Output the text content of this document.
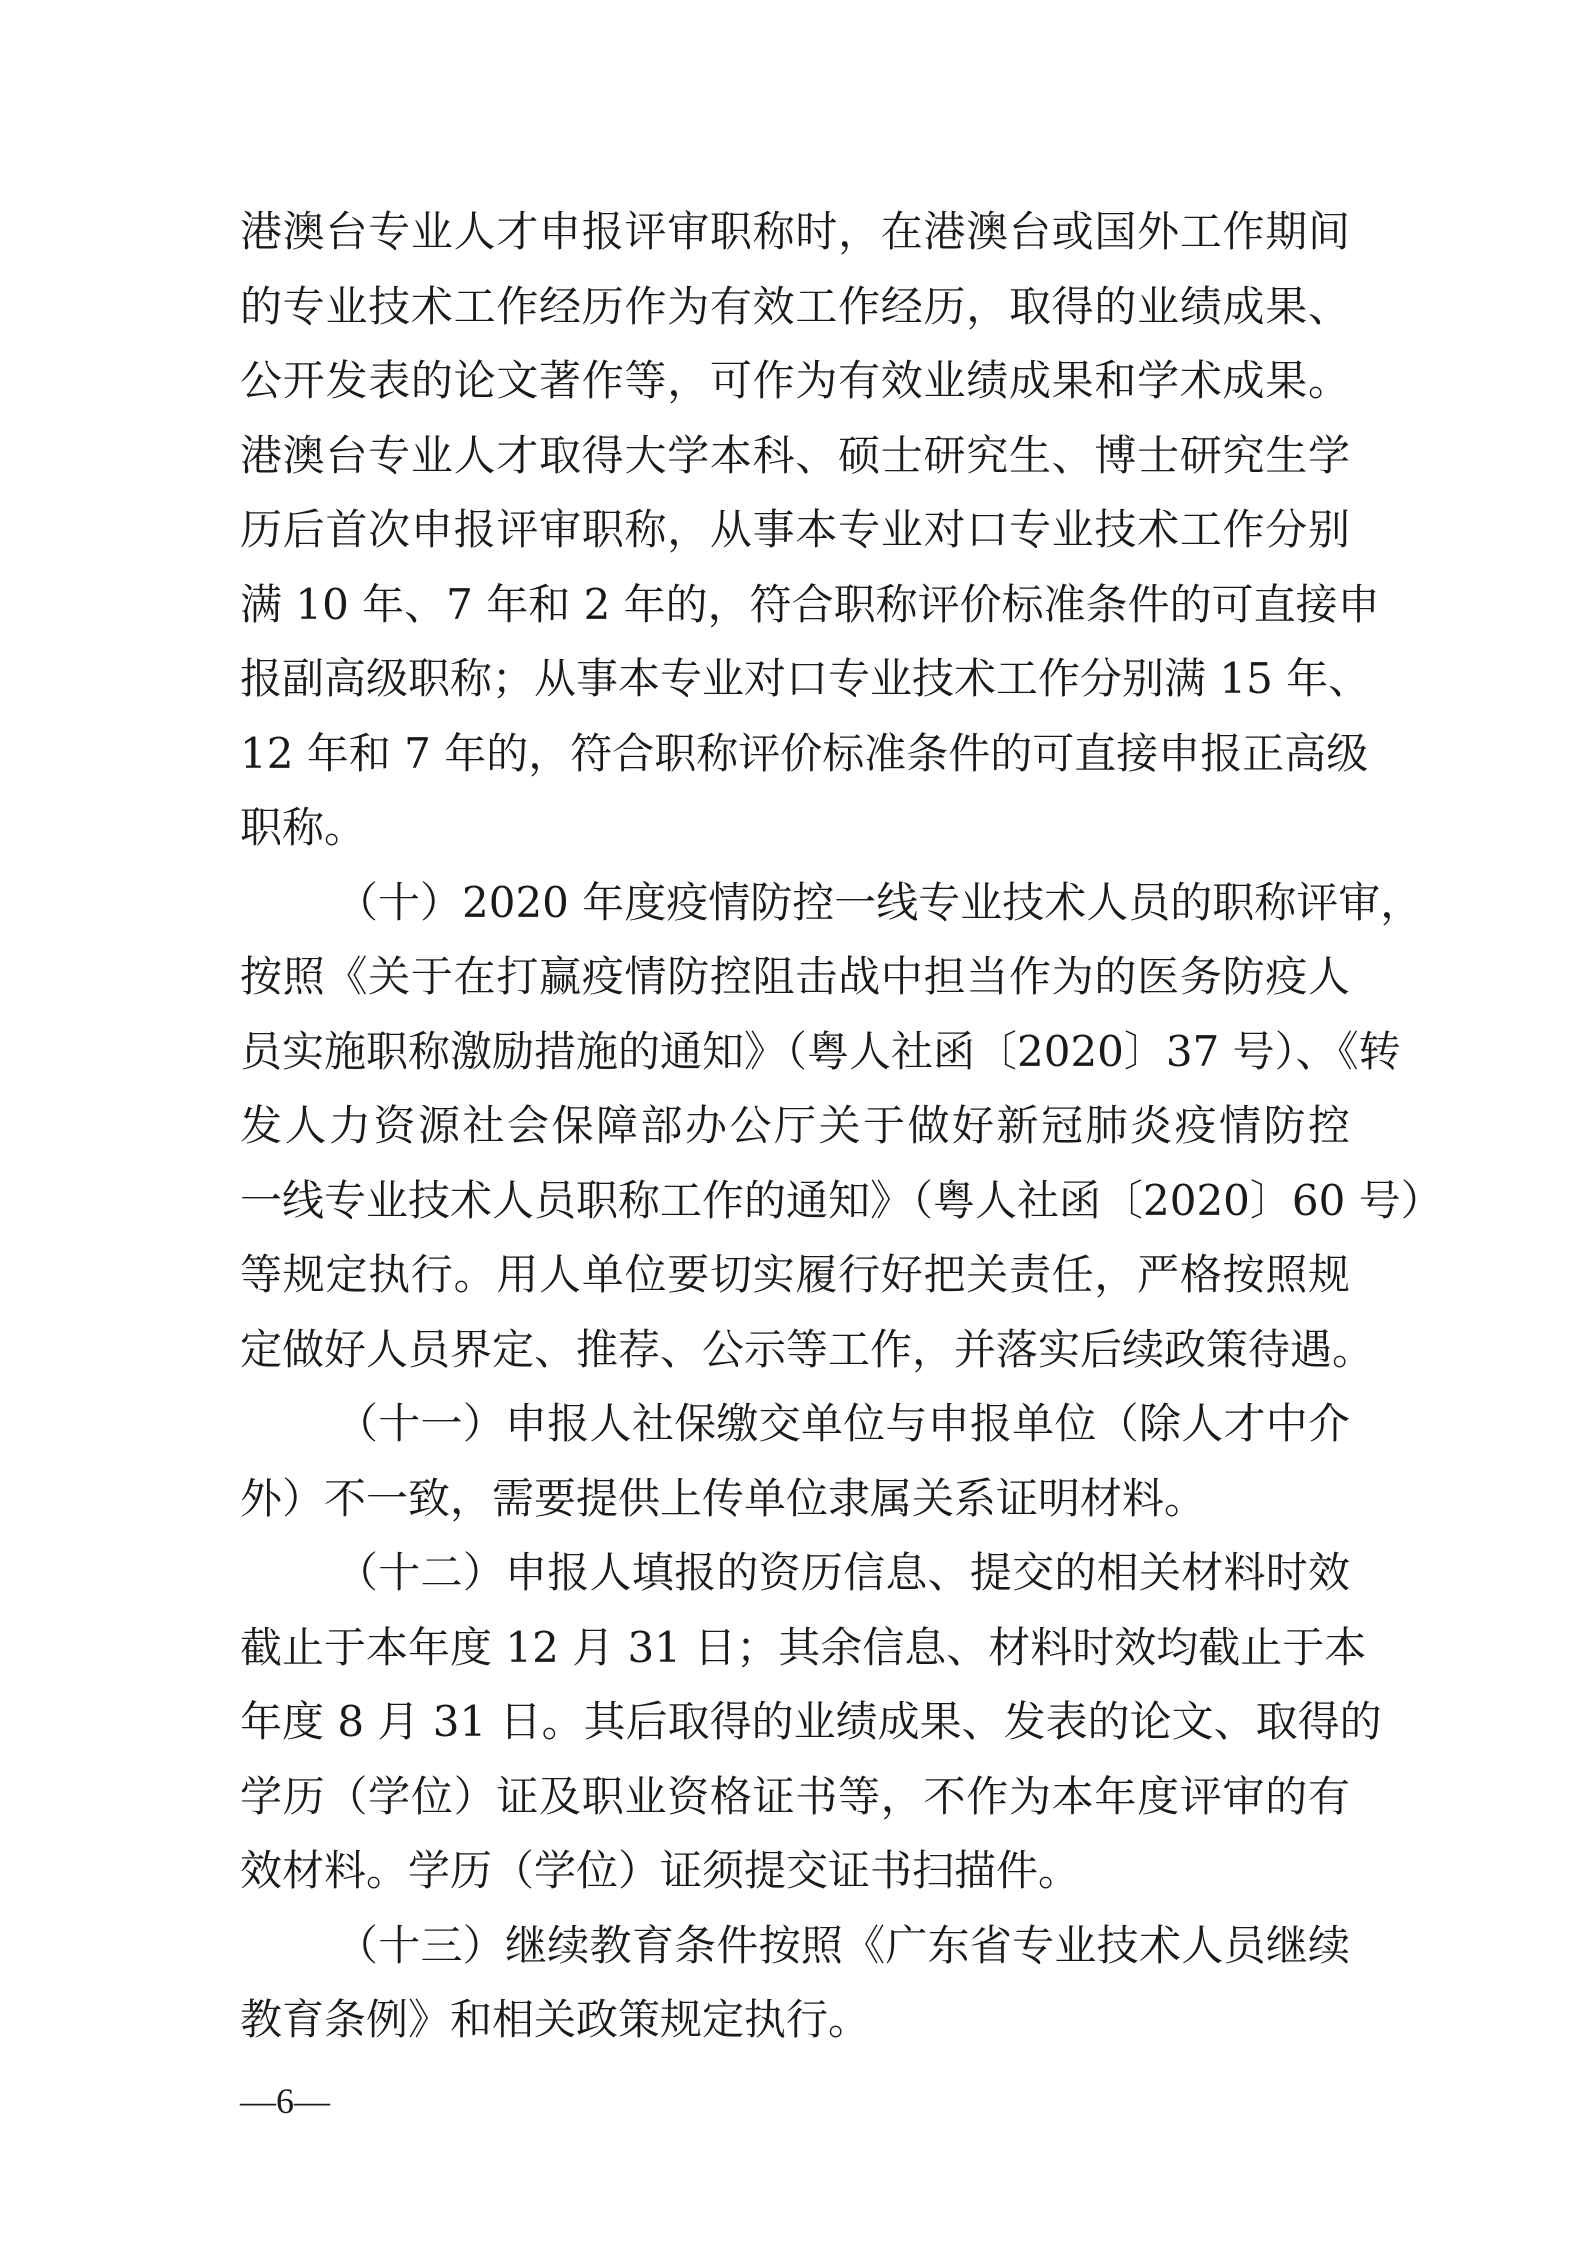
港澳台专业人才申报评审职称时，在港澳台或国外工作期间
的专业技术工作经历作为有效工作经历，取得的业绩成果、
公开发表的论文著作等，可作为有效业绩成果和学术成果。
港澳台专业人才取得大学本科、硕士研究生、博士研究生学
历后首次申报评审职称，从事本专业对口专业技术工作分别
满 10 年、7 年和 2 年的，符合职称评价标准条件的可直接申
报副高级职称；从事本专业对口专业技术工作分别满 15 年、
12 年和 7 年的，符合职称评价标准条件的可直接申报正高级
职称。
（十）2020 年度疫情防控一线专业技术人员的职称评审，
按照《关于在打赢疫情防控阻击战中担当作为的医务防疫人
员实施职称激励措施的通知》（粤人社函〔2020〕37 号）、《转
发人力资源社会保障部办公厅关于做好新冠肺炎疫情防控
一线专业技术人员职称工作的通知》（粤人社函〔2020〕60 号）
等规定执行。用人单位要切实履行好把关责任，严格按照规
定做好人员界定、推荐、公示等工作，并落实后续政策待遇。
（十一）申报人社保缴交单位与申报单位（除人才中介
外）不一致，需要提供上传单位隶属关系证明材料。
（十二）申报人填报的资历信息、提交的相关材料时效
截止于本年度 12 月 31 日；其余信息、材料时效均截止于本
年度 8 月 31 日。其后取得的业绩成果、发表的论文、取得的
学历（学位）证及职业资格证书等，不作为本年度评审的有
效材料。学历（学位）证须提交证书扫描件。
（十三）继续教育条件按照《广东省专业技术人员继续
教育条例》和相关政策规定执行。
—6—
